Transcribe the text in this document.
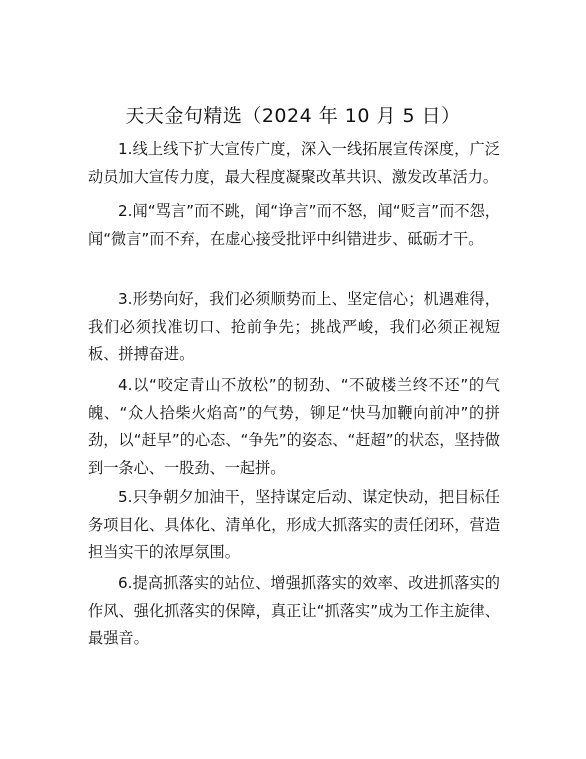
天天金句精选（2024 年 10 月 5 日）

1.线上线下扩大宣传广度，深入一线拓展宣传深度，广泛动员加大宣传力度，最大程度凝聚改革共识、激发改革活力。

2.闻“骂言”而不跳，闻“诤言”而不怒，闻“贬言”而不怨，闻“微言”而不弃，在虚心接受批评中纠错进步、砥砺才干。

3.形势向好，我们必须顺势而上、坚定信心；机遇难得，我们必须找准切口、抢前争先；挑战严峻，我们必须正视短板、拼搏奋进。

4.以“咬定青山不放松”的韧劲、“不破楼兰终不还”的气魄、“众人拾柴火焰高”的气势，铆足“快马加鞭向前冲”的拼劲，以“赶早”的心态、“争先”的姿态、“赶超”的状态，坚持做到一条心、一股劲、一起拼。

5.只争朝夕加油干，坚持谋定后动、谋定快动，把目标任务项目化、具体化、清单化，形成大抓落实的责任闭环，营造担当实干的浓厚氛围。

6.提高抓落实的站位、增强抓落实的效率、改进抓落实的作风、强化抓落实的保障，真正让“抓落实”成为工作主旋律、最强音。
